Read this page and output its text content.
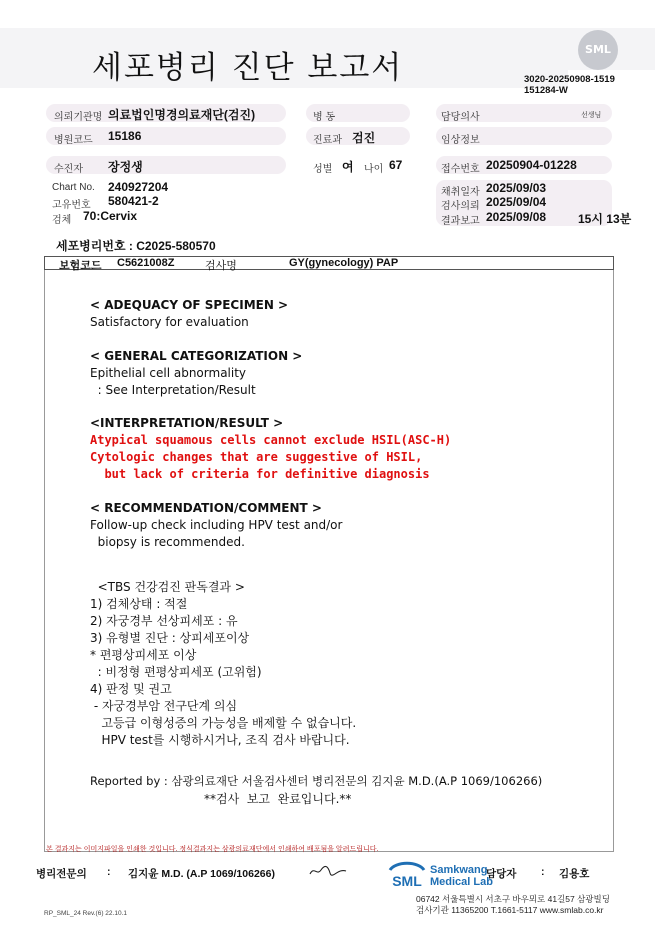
세포병리 진단 보고서
SML
3020-20250908-1519
151284-W
의뢰기관명 의료법인명경의료재단(검진)	병 동	담당의사	선생님
병원코드 15186	진료과 검진	임상정보
수진자 장정생	성별 여 나이 67	접수번호 20250904-01228
Chart No. 240927204
고유번호 580421-2
검체 70:Cervix
채취일자 2025/09/03
검사의뢰 2025/09/04
결과보고 2025/09/08	15시 13분
세포병리번호 : C2025-580570
보험코드 C5621008Z	검사명	GY(gynecology) PAP
< ADEQUACY OF SPECIMEN >
Satisfactory for evaluation
< GENERAL CATEGORIZATION >
Epithelial cell abnormality
: See Interpretation/Result
<INTERPRETATION/RESULT >
Atypical squamous cells cannot exclude HSIL(ASC-H)
Cytologic changes that are suggestive of HSIL,
but lack of criteria for definitive diagnosis
< RECOMMENDATION/COMMENT >
Follow-up check including HPV test and/or
biopsy is recommended.
<TBS 건강검진 판독결과 >
1) 검체상태 : 적절
2) 자궁경부 선상피세포 : 유
3) 유형별 진단 : 상피세포이상
* 편평상피세포 이상
: 비정형 편평상피세포 (고위험)
4) 판정 및 권고
- 자궁경부암 전구단계 의심
고등급 이형성증의 가능성을 배제할 수 없습니다.
HPV test를 시행하시거나, 조직 검사 바랍니다.
Reported by : 삼광의료재단 서울검사센터 병리전문의 김지윤 M.D.(A.P 1069/106266)
**검사  보고  완료입니다.**
본 결과지는 이미지파일을 인쇄한 것입니다. 정식결과지는 삼광의료재단에서 인쇄하여 배포됨을 알려드립니다.
병리전문의 : 김지윤 M.D. (A.P 1069/106266)	SML
Samkwang
Medical Lab
담당자 : 김용호
06742 서울특별시 서초구 바우뫼로 41길57 삼광빌딩
검사기관 11365200 T.1661-5117 www.smlab.co.kr
RP_SML_24 Rev.(6) 22.10.1
